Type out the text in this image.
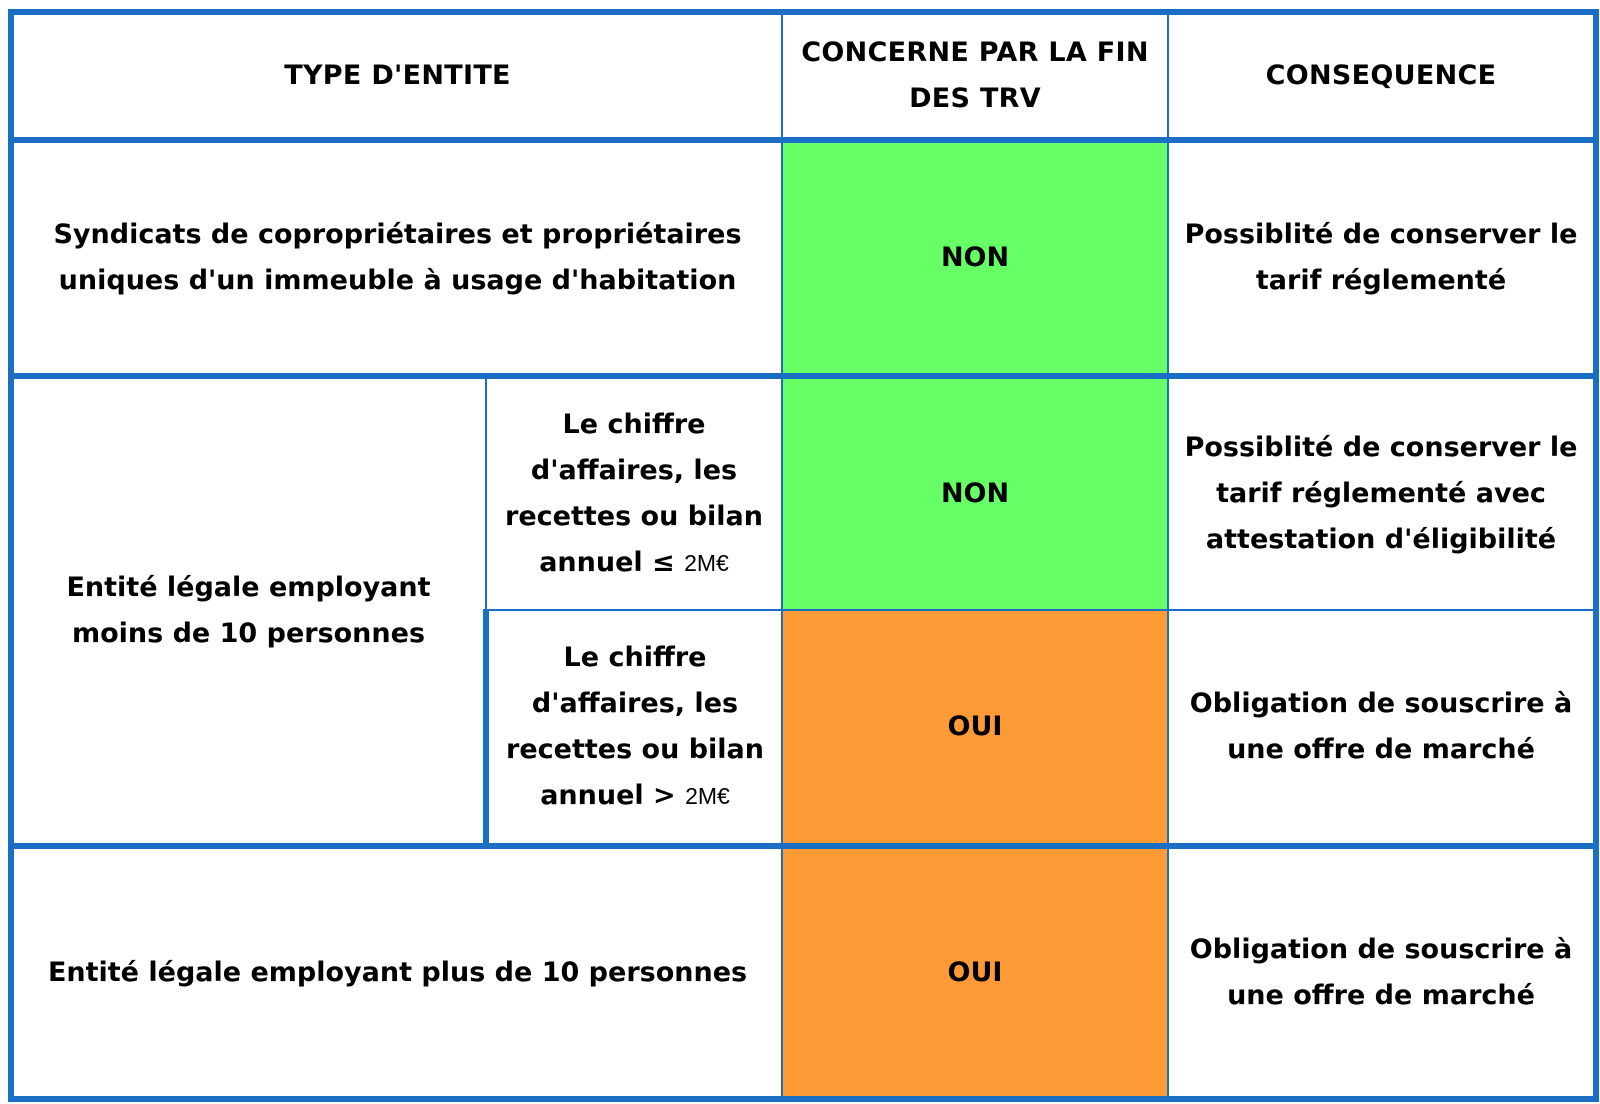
TYPE D'ENTITE		CONCERNE PAR LA FIN DES TRV	CONSEQUENCE
Syndicats de copropriétaires et propriétaires uniques d'un immeuble à usage d'habitation		NON	Possiblité de conserver le tarif réglementé
Entité légale employant moins de 10 personnes	Le chiffre d'affaires, les recettes ou bilan annuel ≤ 2M€	NON	Possiblité de conserver le tarif réglementé avec attestation d'éligibilité
	Le chiffre d'affaires, les recettes ou bilan annuel > 2M€	OUI	Obligation de souscrire à une offre de marché
Entité légale employant plus de 10 personnes		OUI	Obligation de souscrire à une offre de marché
